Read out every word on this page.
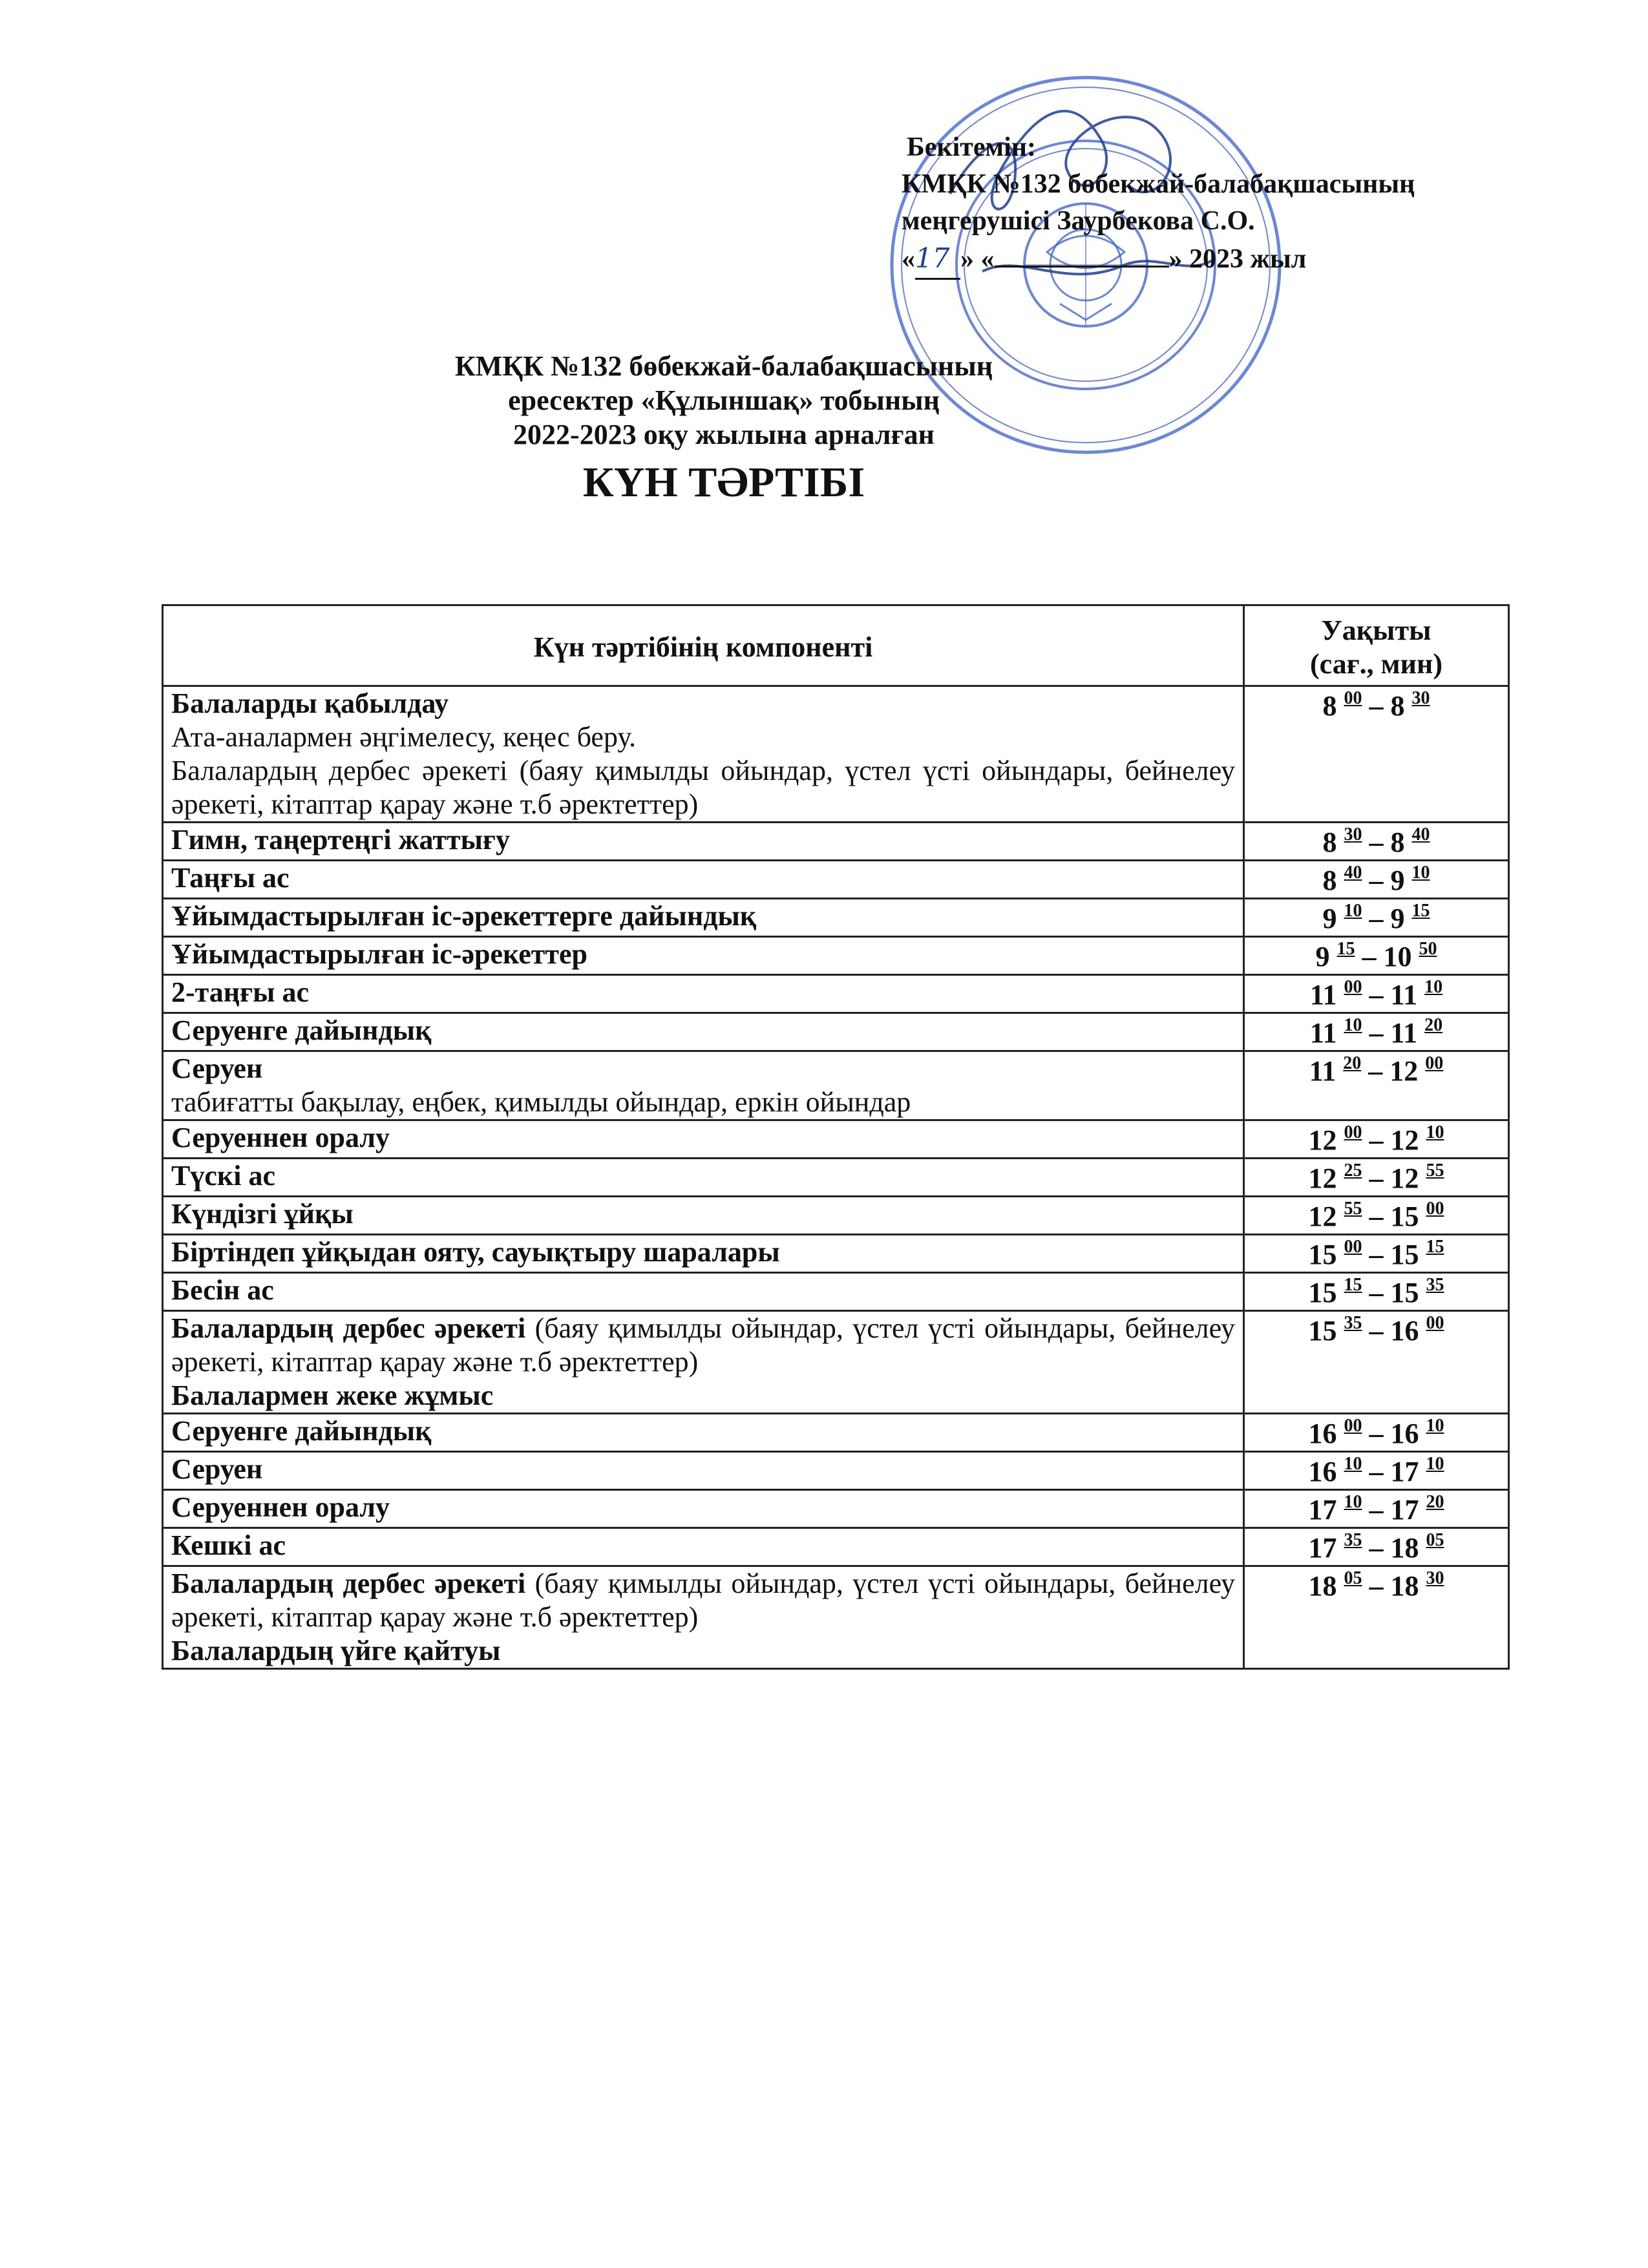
Бекітемін:
КМҚК №132 бөбекжай-балабақшасының
меңгерушісі Заурбекова С.О.
«17 » «	» 2023 жыл
КМҚК №132 бөбекжай-балабақшасының
ересектер «Құлыншақ» тобының
2022-2023 оқу жылына арналған
КҮН ТӘРТІБІ
Күн тәртібінің компоненті	Уақыты
(сағ., мин)

Балаларды қабылдау
Ата-аналармен әңгімелесу, кеңес беру.
Балалардың дербес әрекеті (баяу қимылды ойындар, үстел үсті ойындары, бейнелеу әрекеті, кітаптар қарау және т.б әректеттер)	8 $^{00}$ – 8 $^{30}$

Гимн, таңертеңгі жаттығу	8 $^{30}$ – 8 $^{40}$

Таңғы ас	8 $^{40}$ – 9 $^{10}$

Ұйымдастырылған іс-әрекеттерге дайындық	9 $^{10}$ – 9 $^{15}$

Ұйымдастырылған іс-әрекеттер	9 $^{15}$ – 10 $^{50}$

2-таңғы ас	11 $^{00}$ – 11 $^{10}$

Серуенге дайындық	11 $^{10}$ – 11 $^{20}$

Серуен
табиғатты бақылау, еңбек, қимылды ойындар, еркін ойындар	11 $^{20}$ – 12 $^{00}$

Серуеннен оралу	12 $^{00}$ – 12 $^{10}$

Түскі ас	12 $^{25}$ – 12 $^{55}$

Күндізгі ұйқы	12 $^{55}$ – 15 $^{00}$

Біртіндеп ұйқыдан ояту, сауықтыру шаралары	15 $^{00}$ – 15 $^{15}$

Бесін ас	15 $^{15}$ – 15 $^{35}$

Балалардың дербес әрекеті (баяу қимылды ойындар, үстел үсті ойындары, бейнелеу әрекеті, кітаптар қарау және т.б әректеттер)
Балалармен жеке жұмыс	15 $^{35}$ – 16 $^{00}$

Серуенге дайындық	16 $^{00}$ – 16 $^{10}$

Серуен	16 $^{10}$ – 17 $^{10}$

Серуеннен оралу	17 $^{10}$ – 17 $^{20}$

Кешкі ас	17 $^{35}$ – 18 $^{05}$

Балалардың дербес әрекеті (баяу қимылды ойындар, үстел үсті ойындары, бейнелеу әрекеті, кітаптар қарау және т.б әректеттер)
Балалардың үйге қайтуы	18 $^{05}$ – 18 $^{30}$
